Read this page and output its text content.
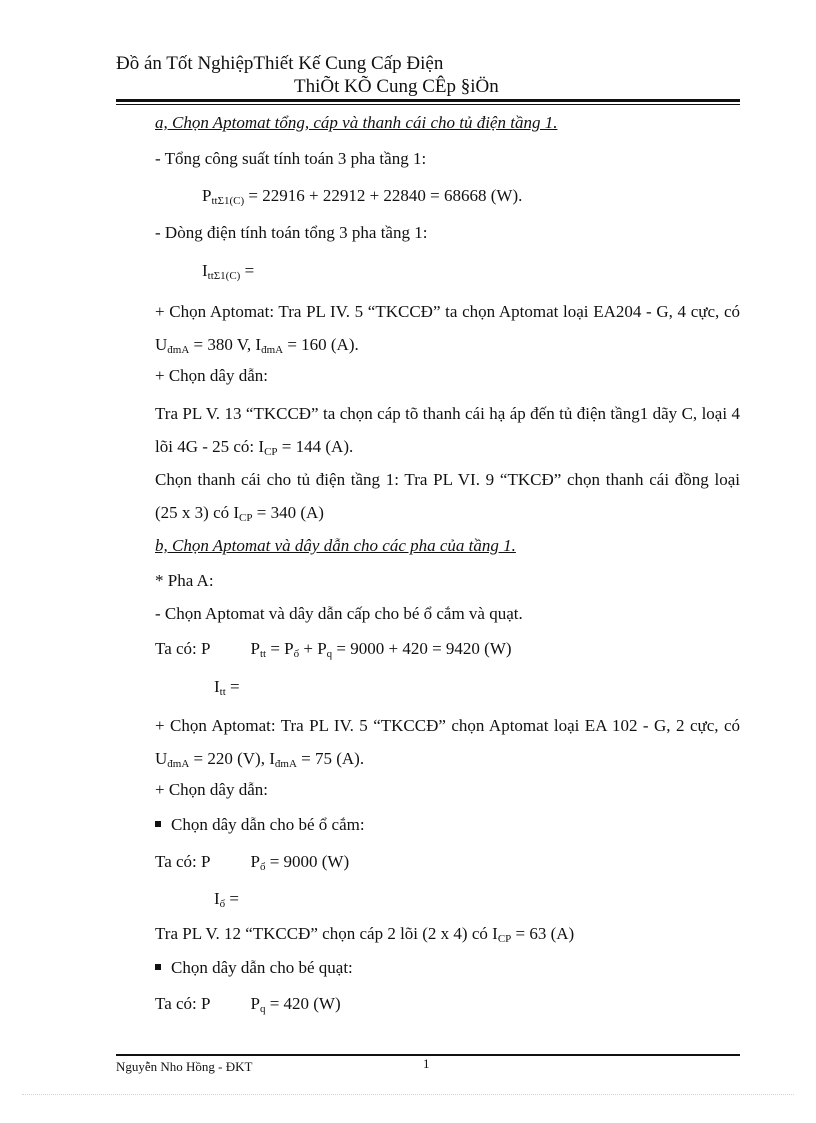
Đồ án Tốt NghiệpThiết Kế Cung Cấp Điện

ThiÕt KÕ Cung CÊp §iÖn

a, Chọn Aptomat tổng, cáp và thanh cái cho tủ điện tầng 1.

- Tổng công suất tính toán 3 pha tầng 1:

$P_{tt\Sigma 1(C)} = 22916 + 22912 + 22840 = 68668$ (W).

- Dòng điện tính toán tổng 3 pha tầng 1:

$I_{tt\Sigma 1(C)}$ =

+ Chọn Aptomat: Tra PL IV. 5 “TKCCĐ” ta chọn Aptomat loại EA204 - G, 4 cực, có $U_{đmA} = 380$ V, $I_{đmA} = 160$ (A).

+ Chọn dây dẫn:

Tra PL V. 13 “TKCCĐ” ta chọn cáp tõ thanh cái hạ áp đến tủ điện tầng1 dãy C, loại 4 lõi 4G - 25 có: $I_{CP} = 144$ (A).

Chọn thanh cái cho tủ điện tầng 1: Tra PL VI. 9 “TKCĐ” chọn thanh cái đồng loại (25 x 3) có $I_{CP} = 340$ (A)

b, Chọn Aptomat và dây dẫn cho các pha của tầng 1.

* Pha A:

- Chọn Aptomat và dây dẫn cấp cho bé ổ cắm và quạt.

Ta có: P $P_{tt} = P_ổ + P_q = 9000 + 420 = 9420$ (W)

$I_{tt}$ =

+ Chọn Aptomat: Tra PL IV. 5 “TKCCĐ” chọn Aptomat loại EA 102 - G, 2 cực, có $U_{đmA} = 220$ (V), $I_{đmA} = 75$ (A).

+ Chọn dây dẫn:

Chọn dây dẫn cho bé ổ cắm:

Ta có: P $P_ổ = 9000$ (W)

$I_ổ$ =

Tra PL V. 12 “TKCCĐ” chọn cáp 2 lõi (2 x 4) có $I_{CP} = 63$ (A)

Chọn dây dẫn cho bé quạt:

Ta có: P $P_q = 420$ (W)

Nguyễn Nho Hồng - ĐKT	1
